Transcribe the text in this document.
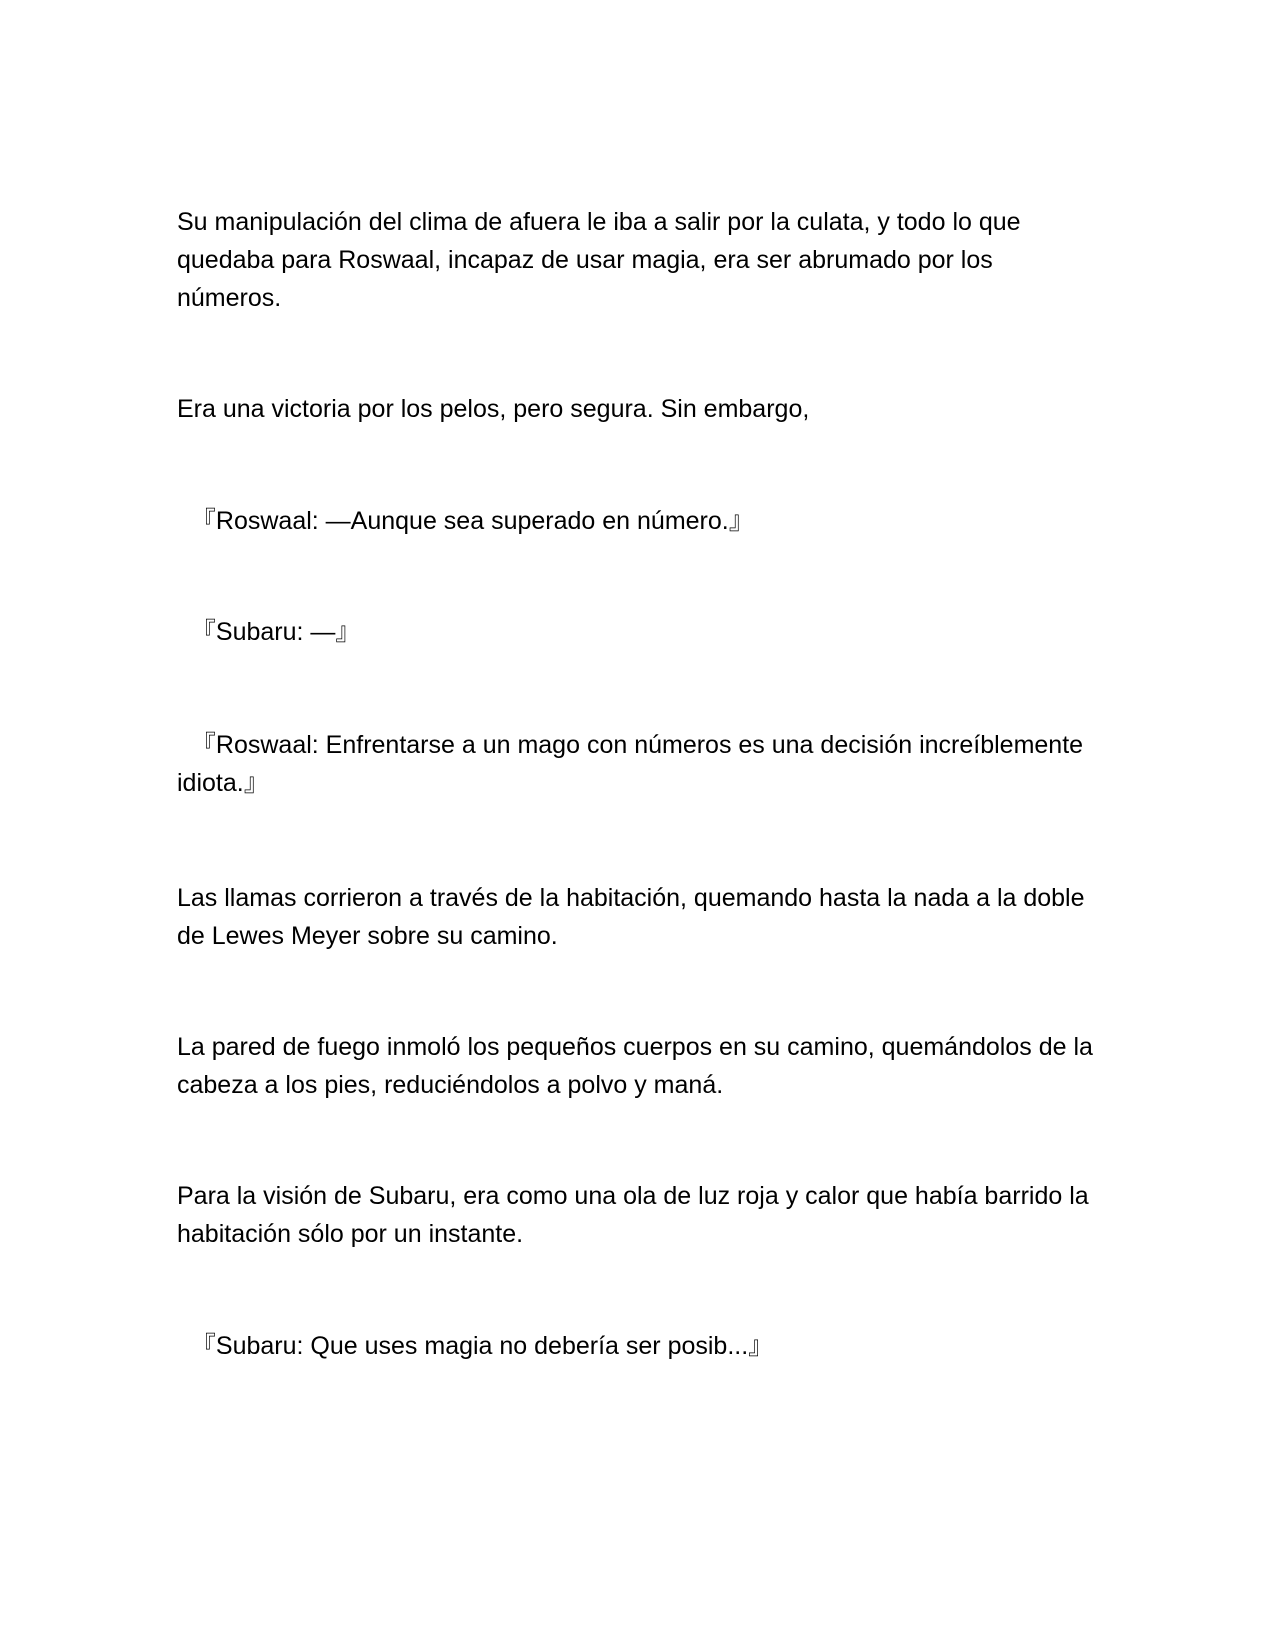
Su manipulación del clima de afuera le iba a salir por la culata, y todo lo que quedaba para Roswaal, incapaz de usar magia, era ser abrumado por los números.

Era una victoria por los pelos, pero segura. Sin embargo,

『Roswaal: —Aunque sea superado en número.』

『Subaru: —』

『Roswaal: Enfrentarse a un mago con números es una decisión increíblemente idiota.』

Las llamas corrieron a través de la habitación, quemando hasta la nada a la doble de Lewes Meyer sobre su camino.

La pared de fuego inmoló los pequeños cuerpos en su camino, quemándolos de la cabeza a los pies, reduciéndolos a polvo y maná.

Para la visión de Subaru, era como una ola de luz roja y calor que había barrido la habitación sólo por un instante.

『Subaru: Que uses magia no debería ser posib...』
